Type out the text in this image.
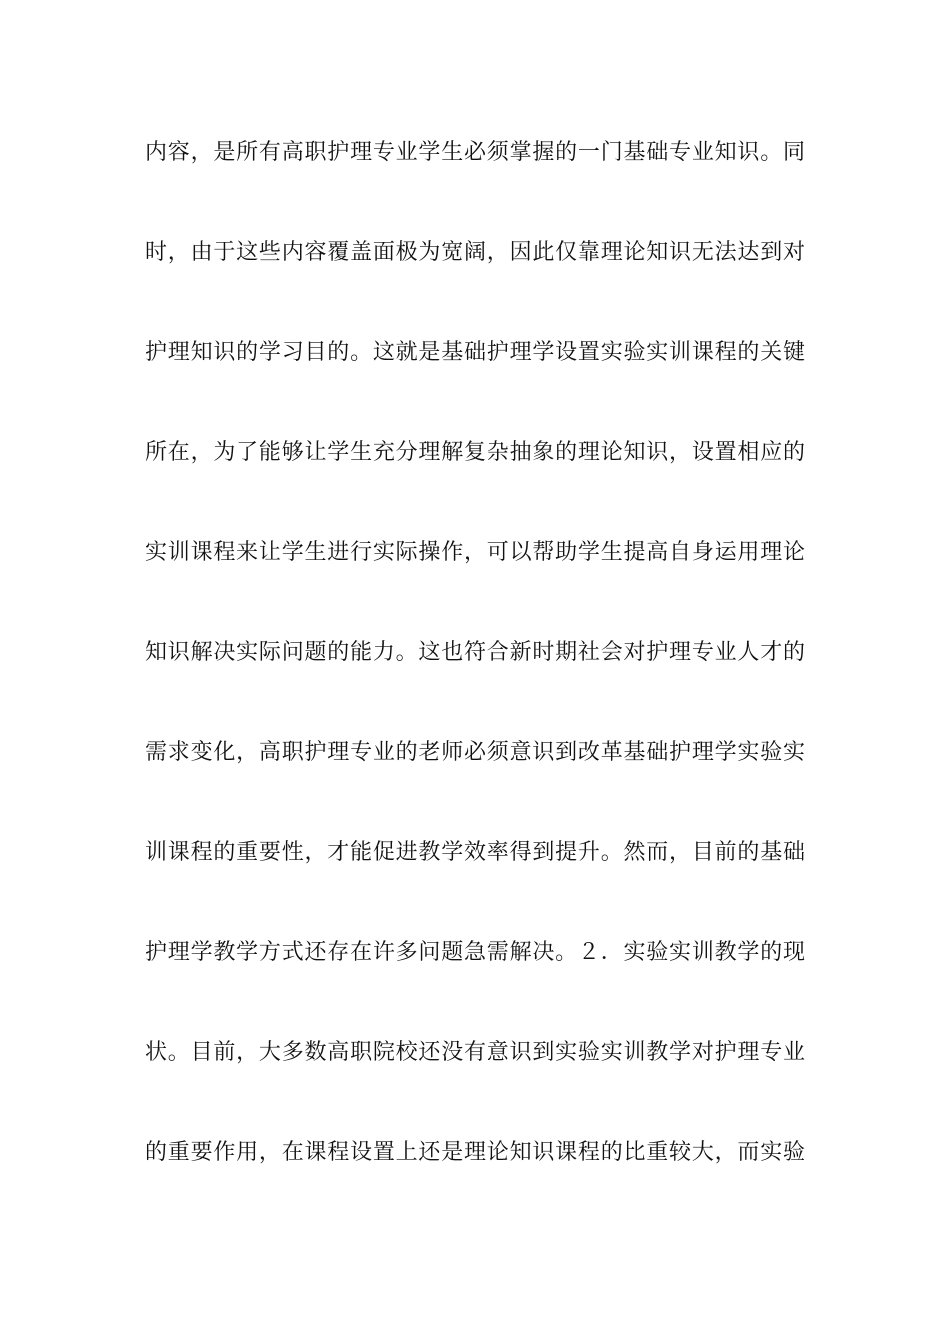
内容，是所有高职护理专业学生必须掌握的一门基础专业知识。同
时，由于这些内容覆盖面极为宽阔，因此仅靠理论知识无法达到对
护理知识的学习目的。这就是基础护理学设置实验实训课程的关键
所在，为了能够让学生充分理解复杂抽象的理论知识，设置相应的
实训课程来让学生进行实际操作，可以帮助学生提高自身运用理论
知识解决实际问题的能力。这也符合新时期社会对护理专业人才的
需求变化，高职护理专业的老师必须意识到改革基础护理学实验实
训课程的重要性，才能促进教学效率得到提升。然而，目前的基础
护理学教学方式还存在许多问题急需解决。２．实验实训教学的现
状。目前，大多数高职院校还没有意识到实验实训教学对护理专业
的重要作用，在课程设置上还是理论知识课程的比重较大，而实验
